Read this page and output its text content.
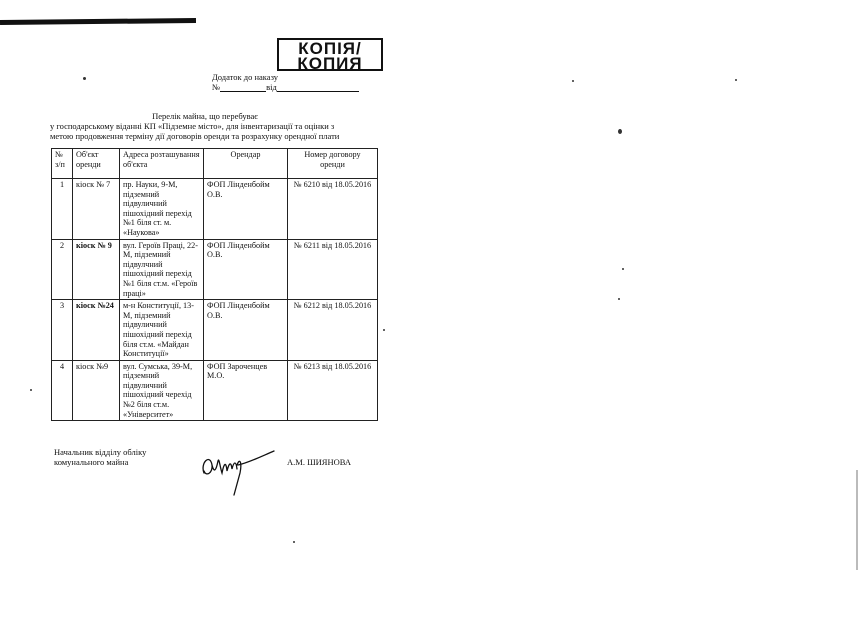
КОПІЯ/
КОПИЯ
Додаток до наказу
№	від
Перелік майна, що перебуває
у господарському віданні КП «Підземне місто», для інвентаризації та оцінки з
метою продовження терміну дії договорів оренди та розрахунку орендної плати
№ з/п	Об'єкт оренди	Адреса розташування об'єкта	Орендар	Номер договору оренди
1	кіоск № 7	пр. Науки, 9-М, підземний підвуличний пішохідний перехід №1 біля ст. м. «Наукова»	ФОП Лінденбойм О.В.	№ 6210 від 18.05.2016
2	кіоск № 9	вул. Героїв Праці, 22-М, підземний підвулчний пішохідний перехід №1 біля ст.м. «Героїв праці»	ФОП Лінденбойм О.В.	№ 6211 від 18.05.2016
3	кіоск №24	м-н Конституції, 13-М, підземний підвуличний пішохідний перехід біля ст.м. «Майдан Конституції»	ФОП Лінденбойм О.В.	№ 6212 від 18.05.2016
4	кіоск №9	вул. Сумська, 39-М, підземний підвуличний пішохідний черехід №2 біля ст.м. «Університет»	ФОП Зароченцев М.О.	№ 6213 від 18.05.2016
Начальник відділу обліку
комунального майна	А.М. ШИЯНОВА
